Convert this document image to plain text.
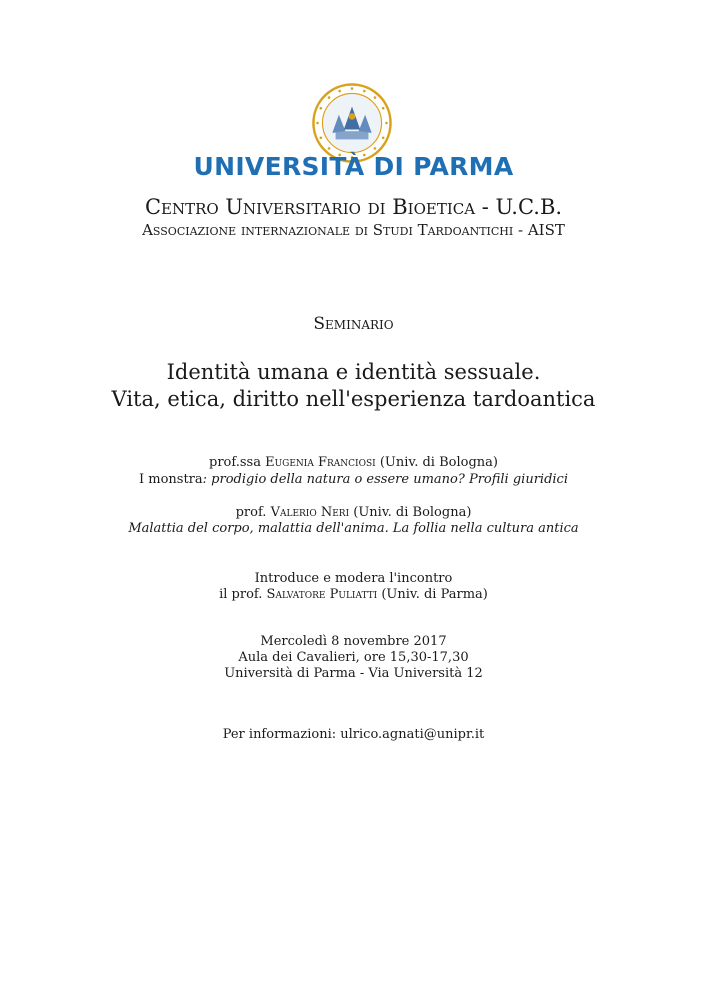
UNIVERSITÀ DI PARMA
Centro Universitario di Bioetica - U.C.B.
Associazione internazionale di Studi Tardoantichi - AIST
Seminario
Identità umana e identità sessuale.
Vita, etica, diritto nell'esperienza tardoantica
prof.ssa Eugenia Franciosi (Univ. di Bologna)
I monstra: prodigio della natura o essere umano? Profili giuridici
prof. Valerio Neri (Univ. di Bologna)
Malattia del corpo, malattia dell'anima. La follia nella cultura antica
Introduce e modera l'incontro
il prof. Salvatore Puliatti (Univ. di Parma)
Mercoledì 8 novembre 2017
Aula dei Cavalieri, ore 15,30-17,30
Università di Parma - Via Università 12
Per informazioni: ulrico.agnati@unipr.it
